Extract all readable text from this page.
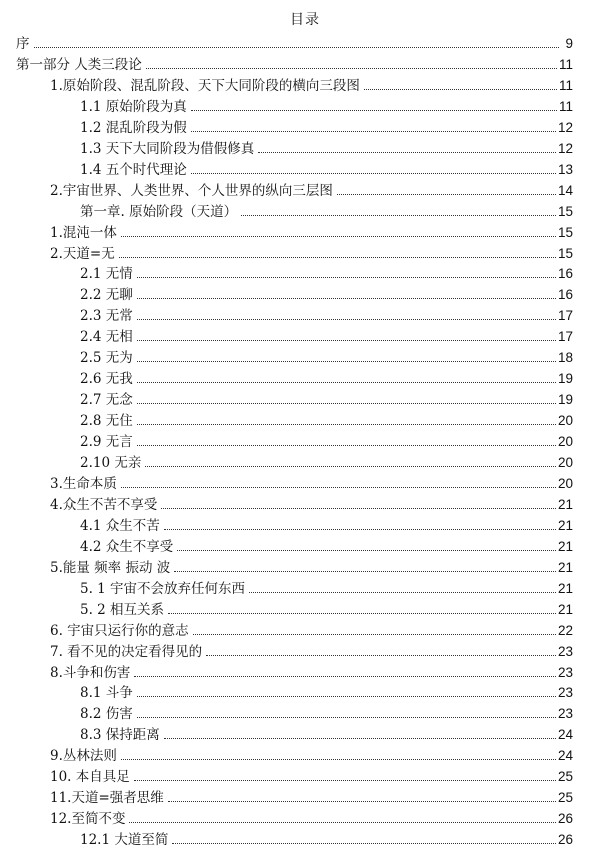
目录
序	9
第一部分 人类三段论	11
1.原始阶段、混乱阶段、天下大同阶段的横向三段图	11
1.1 原始阶段为真	11
1.2 混乱阶段为假	12
1.3 天下大同阶段为借假修真	12
1.4 五个时代理论	13
2.宇宙世界、人类世界、个人世界的纵向三层图	14
第一章. 原始阶段（天道）	15
1.混沌一体	15
2.天道=无	15
2.1 无情	16
2.2 无聊	16
2.3 无常	17
2.4 无相	17
2.5 无为	18
2.6 无我	19
2.7 无念	19
2.8 无住	20
2.9 无言	20
2.10 无亲	20
3.生命本质	20
4.众生不苦不享受	21
4.1 众生不苦	21
4.2 众生不享受	21
5.能量 频率 振动 波	21
5. 1 宇宙不会放弃任何东西	21
5. 2 相互关系	21
6. 宇宙只运行你的意志	22
7. 看不见的决定看得见的	23
8.斗争和伤害	23
8.1 斗争	23
8.2 伤害	23
8.3 保持距离	24
9.丛林法则	24
10. 本自具足	25
11.天道=强者思维	25
12.至简不变	26
12.1 大道至简	26
